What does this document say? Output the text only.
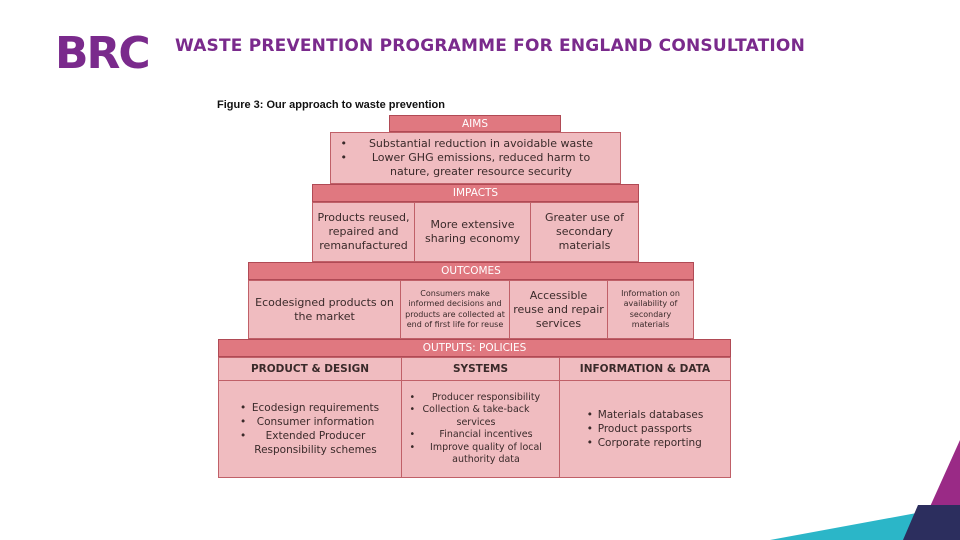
BRC WASTE PREVENTION PROGRAMME FOR ENGLAND CONSULTATION
Figure 3: Our approach to waste prevention
AIMS
• Substantial reduction in avoidable waste
• Lower GHG emissions, reduced harm to nature, greater resource security
IMPACTS
Products reused, repaired and remanufactured
More extensive sharing economy
Greater use of secondary materials
OUTCOMES
Ecodesigned products on the market
Consumers make informed decisions and products are collected at end of first life for reuse
Accessible reuse and repair services
Information on availability of secondary materials
OUTPUTS: POLICIES
PRODUCT & DESIGN	SYSTEMS	INFORMATION & DATA
• Ecodesign requirements
• Consumer information
• Extended Producer Responsibility schemes
• Producer responsibility
• Collection & take-back services
• Financial incentives
• Improve quality of local authority data
• Materials databases
• Product passports
• Corporate reporting
